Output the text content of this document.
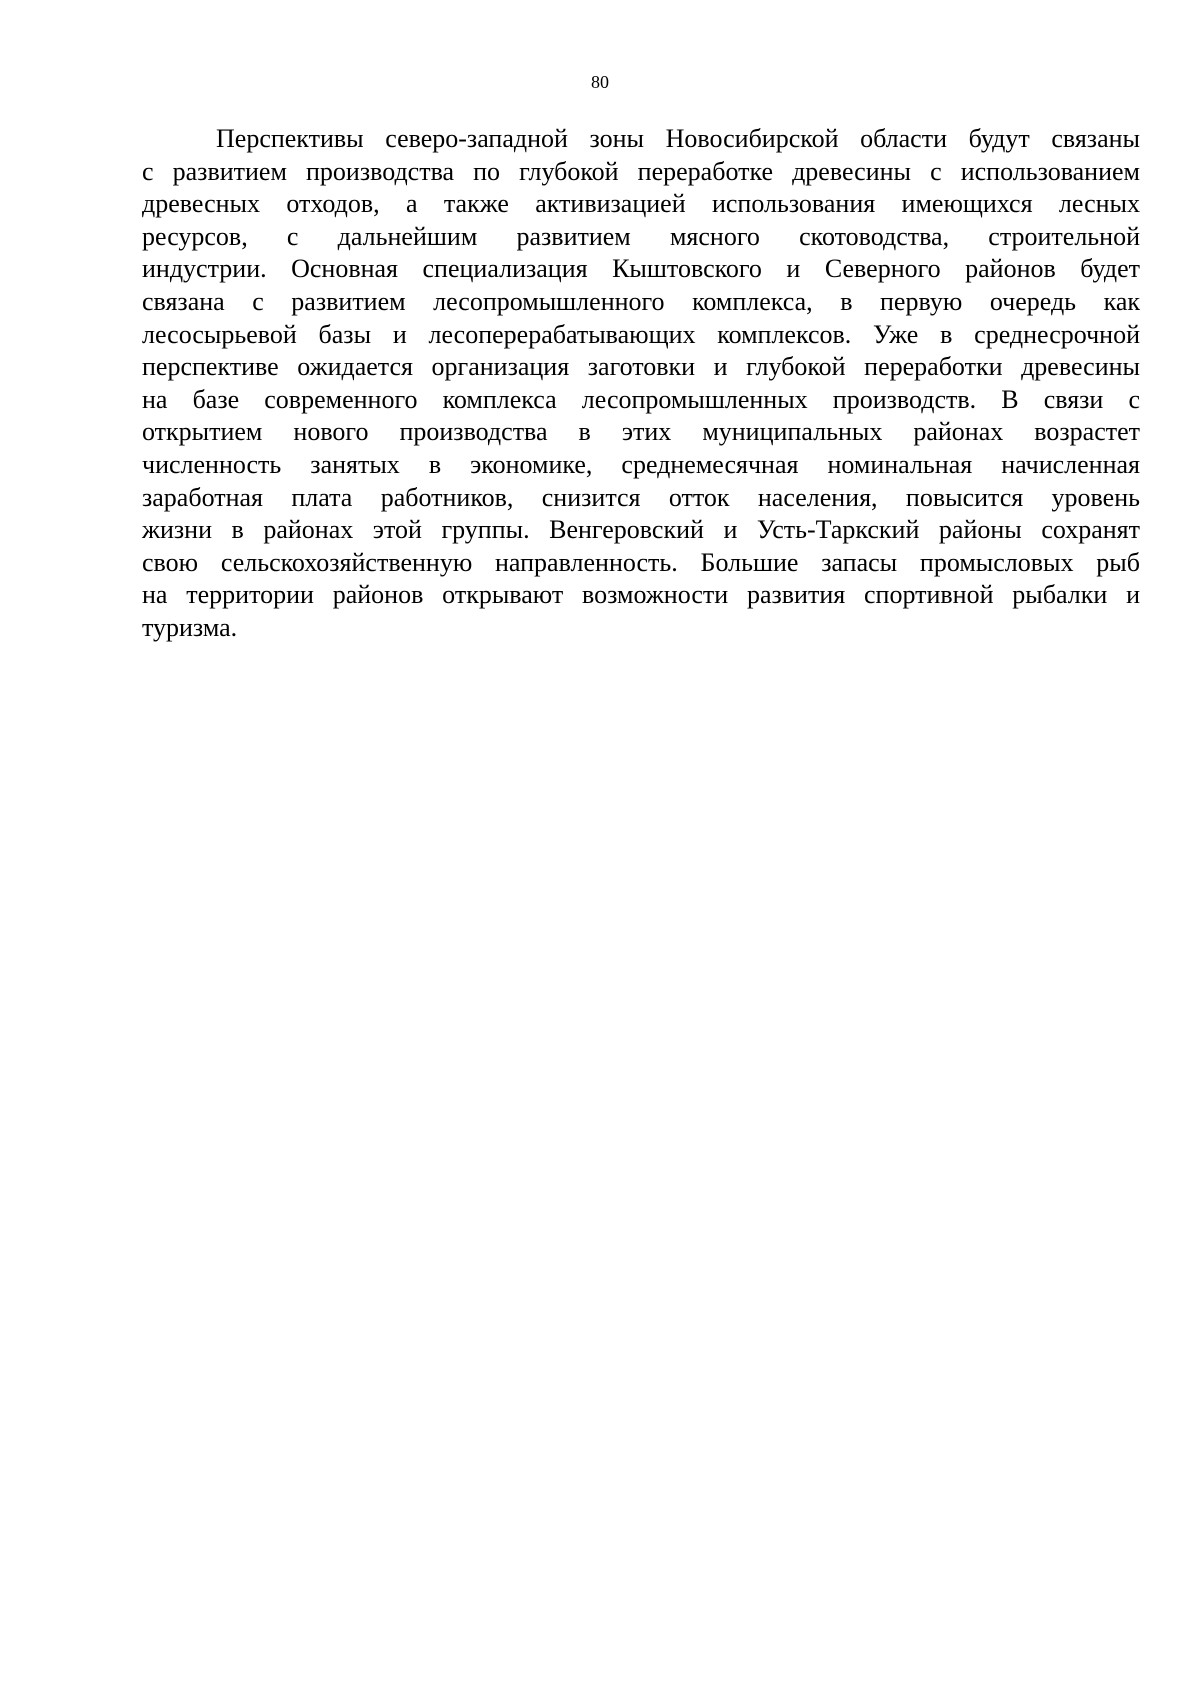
80
Перспективы северо-западной зоны Новосибирской области будут связаны
с развитием производства по глубокой переработке древесины с использованием
древесных отходов, а также активизацией использования имеющихся лесных
ресурсов, с дальнейшим развитием мясного скотоводства, строительной
индустрии. Основная специализация Кыштовского и Северного районов будет
связана с развитием лесопромышленного комплекса, в первую очередь как
лесосырьевой базы и лесоперерабатывающих комплексов. Уже в среднесрочной
перспективе ожидается организация заготовки и глубокой переработки древесины
на базе современного комплекса лесопромышленных производств. В связи с
открытием нового производства в этих муниципальных районах возрастет
численность занятых в экономике, среднемесячная номинальная начисленная
заработная плата работников, снизится отток населения, повысится уровень
жизни в районах этой группы. Венгеровский и Усть-Таркский районы сохранят
свою сельскохозяйственную направленность. Большие запасы промысловых рыб
на территории районов открывают возможности развития спортивной рыбалки и
туризма.
